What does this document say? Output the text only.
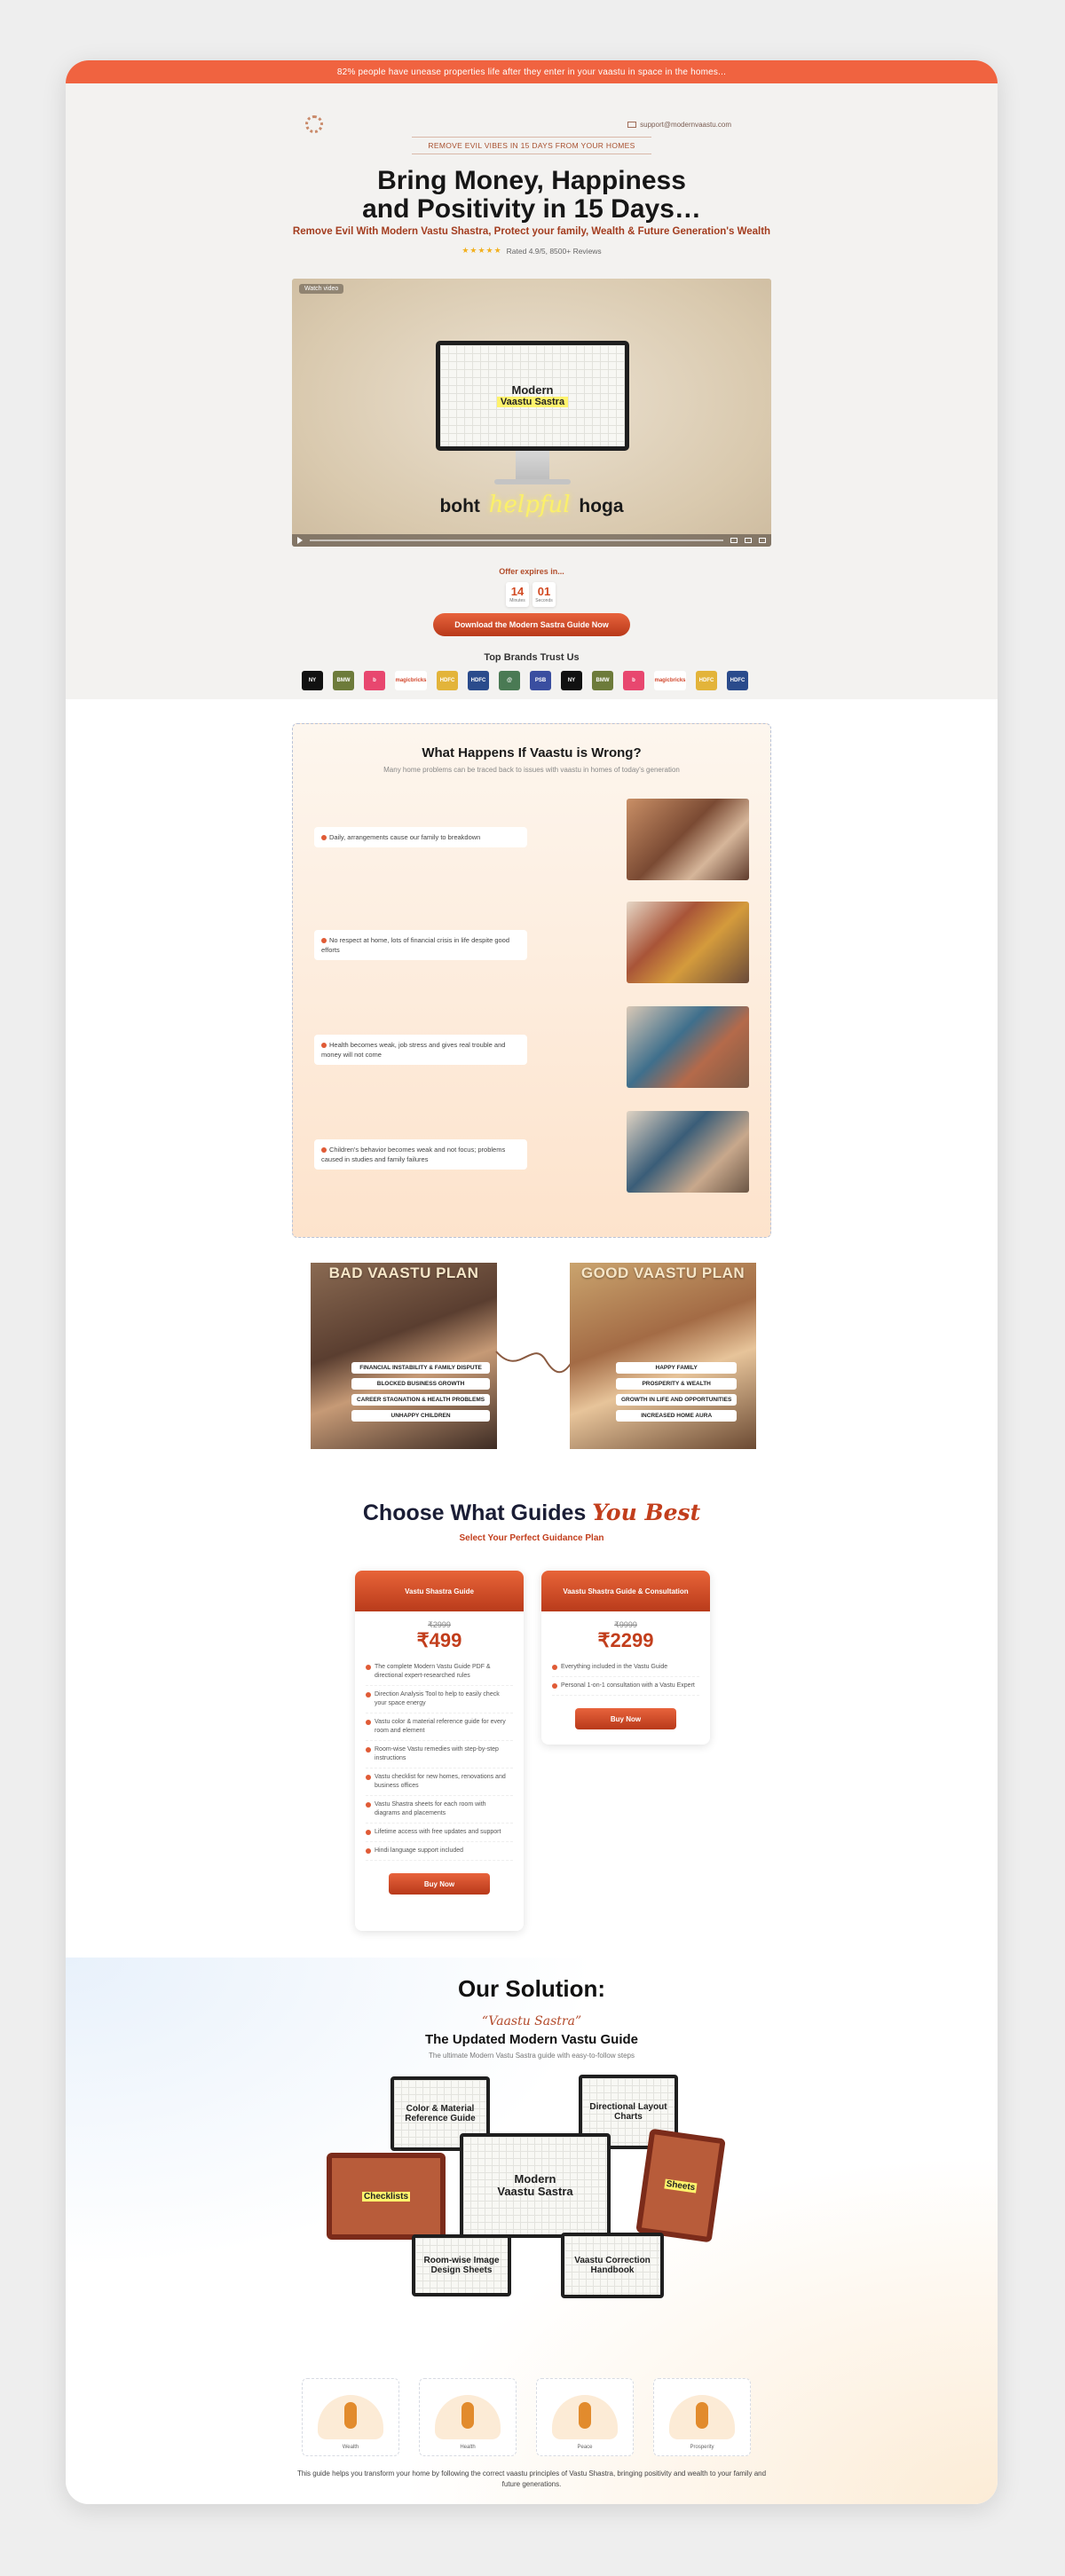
82% people have unease properties life after they enter in your vaastu in space in the homes...
support@modernvaastu.com
REMOVE EVIL VIBES IN 15 DAYS FROM YOUR HOMES
Bring Money, Happiness
and Positivity in 15 Days…
Remove Evil With Modern Vastu Shastra, Protect your family, Wealth & Future Generation's Wealth
★★★★★ Rated 4.9/5, 8500+ Reviews
Watch video
Modern
Vaastu Sastra
boht helpful hoga
Offer expires in...
14
Minutes
01
Seconds
Download the Modern Sastra Guide Now
Top Brands Trust Us
NY	BMW	b	magicbricks	HDFC	HDFC	@	PSB	NY	BMW	b	magicbricks	HDFC	HDFC
What Happens If Vaastu is Wrong?
Many home problems can be traced back to issues with vaastu in homes of today's generation
Daily, arrangements cause our family to breakdown
No respect at home, lots of financial crisis in life despite good efforts
Health becomes weak, job stress and gives real trouble and money will not come
Children's behavior becomes weak and not focus; problems caused in studies and family failures
BAD VAASTU PLAN
FINANCIAL INSTABILITY & FAMILY DISPUTE
BLOCKED BUSINESS GROWTH
CAREER STAGNATION & HEALTH PROBLEMS
UNHAPPY CHILDREN
GOOD VAASTU PLAN
HAPPY FAMILY
PROSPERITY & WEALTH
GROWTH IN LIFE AND OPPORTUNITIES
INCREASED HOME AURA
Choose What Guides You Best
Select Your Perfect Guidance Plan
Vastu Shastra Guide
₹2999
₹499
The complete Modern Vastu Guide PDF & directional expert-researched rules
Direction Analysis Tool to help to easily check your space energy
Vastu color & material reference guide for every room and element
Room-wise Vastu remedies with step-by-step instructions
Vastu checklist for new homes, renovations and business offices
Vastu Shastra sheets for each room with diagrams and placements
Lifetime access with free updates and support
Hindi language support included
Buy Now
Vaastu Shastra Guide & Consultation
₹9999
₹2299
Everything included in the Vastu Guide
Personal 1-on-1 consultation with a Vastu Expert
Buy Now
Our Solution:
“Vaastu Sastra”
The Updated Modern Vastu Guide
The ultimate Modern Vastu Sastra guide with easy-to-follow steps
Color & Material Reference Guide
Directional Layout Charts
Modern
Vaastu Sastra
Checklists
Sheets
Room-wise Image Design Sheets
Vaastu Correction Handbook
Wealth	Health	Peace	Prosperity

This guide helps you transform your home by following the correct vaastu principles of Vastu Shastra, bringing positivity and wealth to your family and future generations.
